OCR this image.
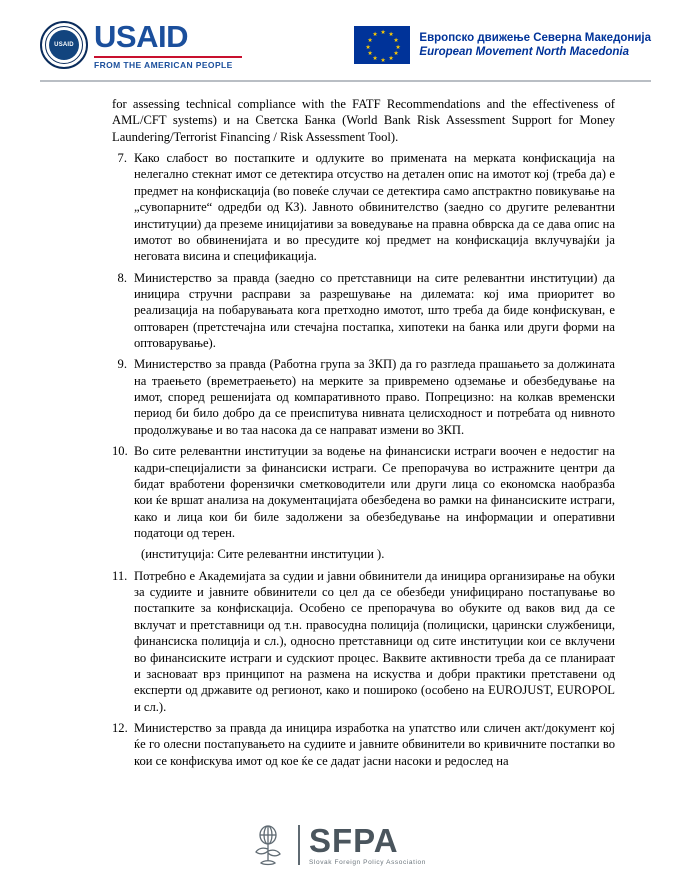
USAID USAID
FROM THE AMERICAN PEOPLE
★ ★
★
★
★
★
★
★
★
★
★
★	Европско движење Северна Македонија
European Movement North Macedonia

for assessing technical compliance with the FATF Recommendations and the effectiveness of AML/CFT systems) и на Светска Банка (World Bank Risk Assessment Support for Money Laundering/Terrorist Financing / Risk Assessment Tool).

7. Како слабост во постапките и одлуките во примената на мерката конфискација на нелегално стекнат имот се детектира отсуство на детален опис на имотот кој (треба да) е предмет на конфискација (во повеќе случаи се детектира само апстрактно повикување на „сувопарните“ одредби од КЗ). Јавното обвинителство (заедно со другите релевантни институции) да преземе иницијативи за воведување на правна обврска да се дава опис на имотот во обвиненијата и во пресудите кој предмет на конфискација вклучувајќи ја неговата висина и спецификација.
8. Министерство за правда (заедно со претставници на сите релевантни институции) да иницира стручни расправи за разрешување на дилемата: кој има приоритет во реализација на побарувањата кога претходно имотот, што треба да биде конфискуван, е оптоварен (претстечајна или стечајна постапка, хипотеки на банка или други форми на оптоварување).
9. Министерство за правда (Работна група за ЗКП) да го разгледа прашањето за должината на траењето (времетраењето) на мерките за привремено одземање и обезбедување на имот, според решенијата од компаративното право. Попрецизно: на колкав временски период би било добро да се преиспитува нивната целисходност и потребата од нивното продолжување и во таа насока да се направат измени во ЗКП.
10. Во сите релевантни институции за водење на финансиски истраги воочен е недостиг на кадри-специјалисти за финансиски истраги. Се препорачува во истражните центри да бидат вработени форензички сметководители или други лица со економска наобразба кои ќе вршат анализа на документацијата обезбедена во рамки на финансиските истраги, како и лица кои би биле задолжени за обезбедување на информации и оперативни податоци од терен.

(институција: Сите релевантни институции ).

11. Потребно е Академијата за судии и јавни обвинители да иницира организирање на обуки за судиите и јавните обвинители со цел да се обезбеди унифицирано постапување во постапките за конфискација. Особено се препорачува во обуките од ваков вид да се вклучат и претставници од т.н. правосудна полиција (полициски, царински службеници, финансиска полиција и сл.), односно претставници од сите институции кои се вклучени во финансиските истраги и судскиот процес. Ваквите активности треба да се планираат и засноваат врз принципот на размена на искуства и добри практики претставени од експерти од државите од регионот, како и пошироко (особено на EUROJUST, EUROPOL и сл.).
12. Министерство за правда да иницира изработка на упатство или сличен акт/документ кој ќе го олесни постапувањето на судиите и јавните обвинители во кривичните постапки во кои се конфискува имот од кое ќе се дадат јасни насоки и редослед на
SFPA
Slovak Foreign Policy Association
